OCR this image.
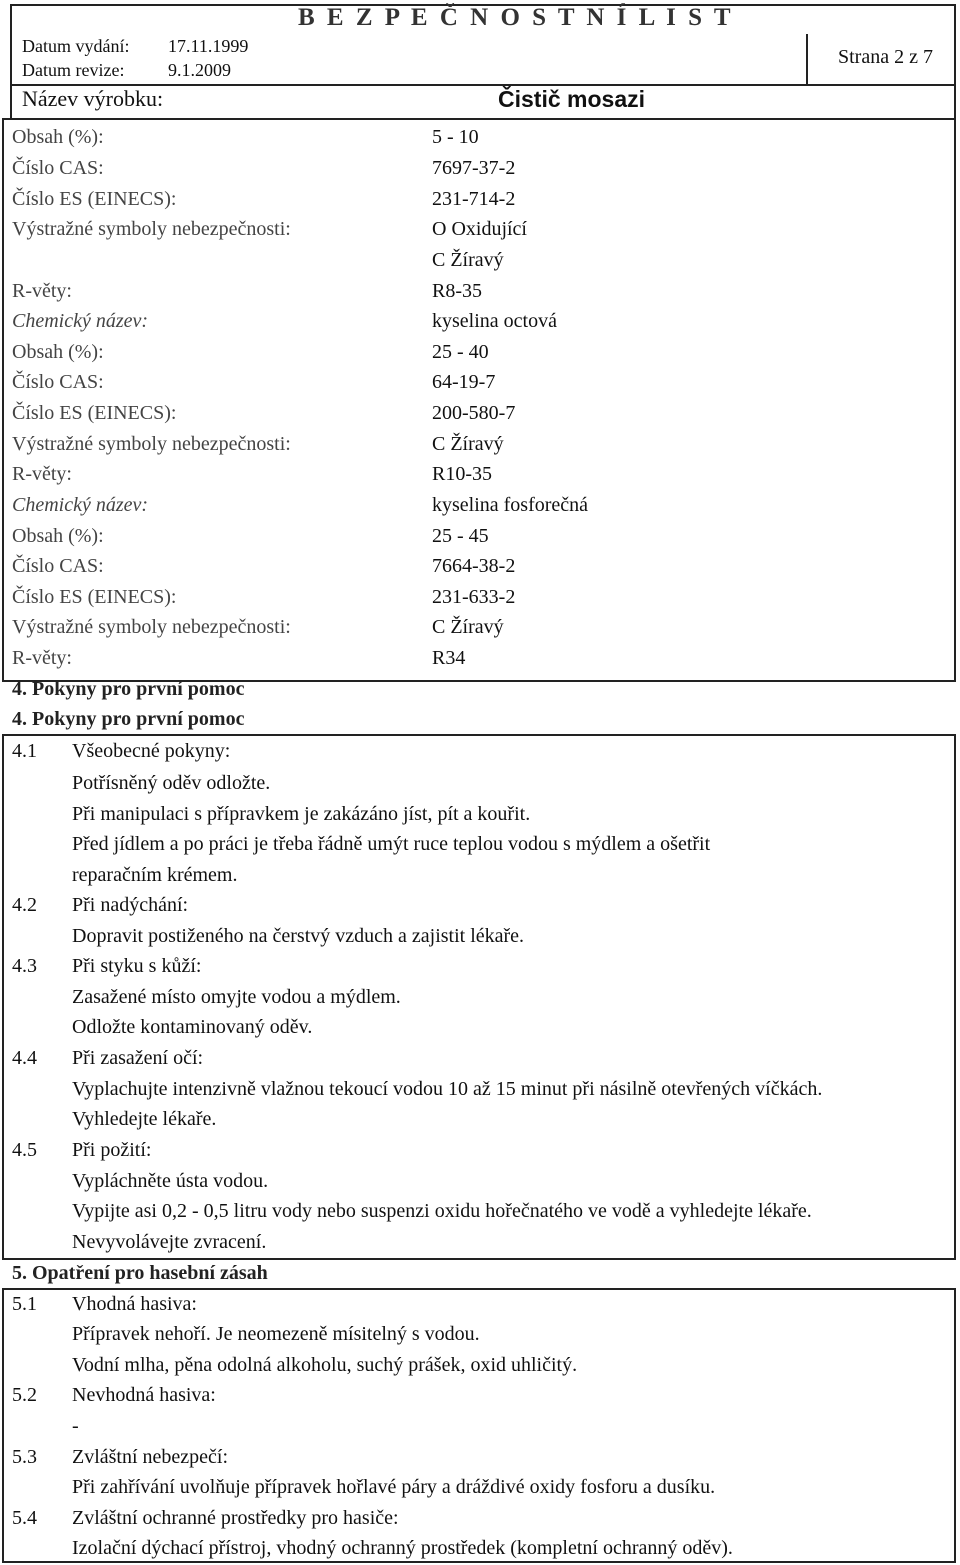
B E Z P E Č N O S T N Í L I S T
Datum vydání: 17.11.1999
Datum revize: 9.1.2009
Strana 2 z 7
Název výrobku:	Čistič mosazi
Obsah (%):	5 - 10
Číslo CAS:	7697-37-2
Číslo ES (EINECS):	231-714-2
Výstražné symboly nebezpečnosti:	O Oxidující
C Žíravý
R-věty:	R8-35
Chemický název:	kyselina octová
Obsah (%):	25 - 40
Číslo CAS:	64-19-7
Číslo ES (EINECS):	200-580-7
Výstražné symboly nebezpečnosti:	C Žíravý
R-věty:	R10-35
Chemický název:	kyselina fosforečná
Obsah (%):	25 - 45
Číslo CAS:	7664-38-2
Číslo ES (EINECS):	231-633-2
Výstražné symboly nebezpečnosti:	C Žíravý
R-věty:	R34
4. Pokyny pro první pomoc
4. Pokyny pro první pomoc
4.1 Všeobecné pokyny:
Potřísněný oděv odložte.
Při manipulaci s přípravkem je zakázáno jíst, pít a kouřit.
Před jídlem a po práci je třeba řádně umýt ruce teplou vodou s mýdlem a ošetřit
reparačním krémem.
4.2 Při nadýchání:
Dopravit postiženého na čerstvý vzduch a zajistit lékaře.
4.3 Při styku s kůží:
Zasažené místo omyjte vodou a mýdlem.
Odložte kontaminovaný oděv.
4.4 Při zasažení očí:
Vyplachujte intenzivně vlažnou tekoucí vodou 10 až 15 minut při násilně otevřených víčkách.
Vyhledejte lékaře.
4.5 Při požití:
Vypláchněte ústa vodou.
Vypijte asi 0,2 - 0,5 litru vody nebo suspenzi oxidu hořečnatého ve vodě a vyhledejte lékaře.
Nevyvolávejte zvracení.
5. Opatření pro hasební zásah
5.1 Vhodná hasiva:
Přípravek nehoří. Je neomezeně mísitelný s vodou.
Vodní mlha, pěna odolná alkoholu, suchý prášek, oxid uhličitý.
5.2 Nevhodná hasiva:
-
5.3 Zvláštní nebezpečí:
Při zahřívání uvolňuje přípravek hořlavé páry a dráždivé oxidy fosforu a dusíku.
5.4 Zvláštní ochranné prostředky pro hasiče:
Izolační dýchací přístroj, vhodný ochranný prostředek (kompletní ochranný oděv).
